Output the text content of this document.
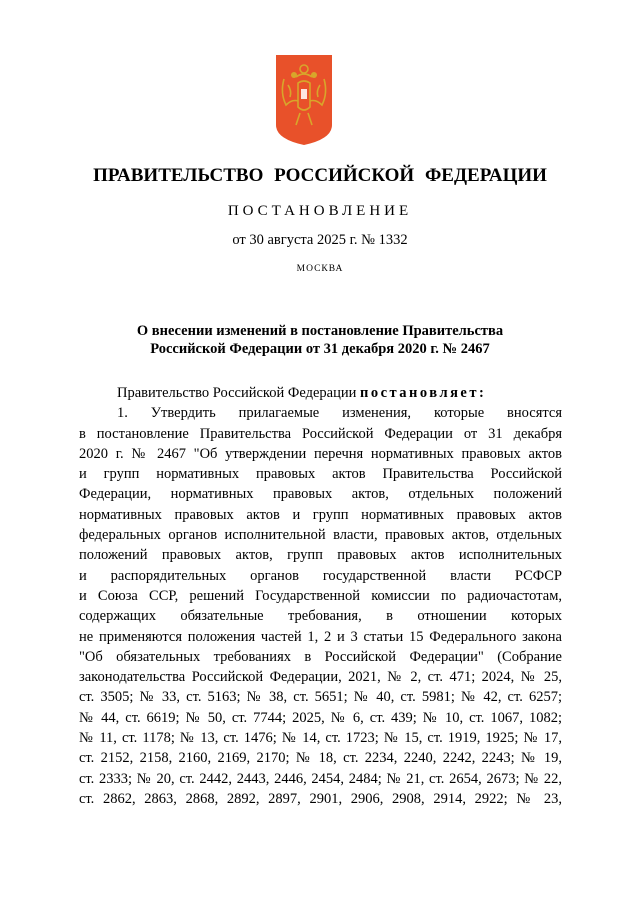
ПРАВИТЕЛЬСТВО РОССИЙСКОЙ ФЕДЕРАЦИИ
ПОСТАНОВЛЕНИЕ
от 30 августа 2025 г. № 1332
МОСКВА
О внесении изменений в постановление Правительства
Российской Федерации от 31 декабря 2020 г. № 2467
Правительство Российской Федерации постановляет:
1. Утвердить прилагаемые изменения, которые вносятся
в постановление Правительства Российской Федерации от 31 декабря
2020 г. № 2467 "Об утверждении перечня нормативных правовых актов
и групп нормативных правовых актов Правительства Российской
Федерации, нормативных правовых актов, отдельных положений
нормативных правовых актов и групп нормативных правовых актов
федеральных органов исполнительной власти, правовых актов, отдельных
положений правовых актов, групп правовых актов исполнительных
и распорядительных органов государственной власти РСФСР
и Союза ССР, решений Государственной комиссии по радиочастотам,
содержащих обязательные требования, в отношении которых
не применяются положения частей 1, 2 и 3 статьи 15 Федерального закона
"Об обязательных требованиях в Российской Федерации" (Собрание
законодательства Российской Федерации, 2021, № 2, ст. 471; 2024, № 25,
ст. 3505; № 33, ст. 5163; № 38, ст. 5651; № 40, ст. 5981; № 42, ст. 6257;
№ 44, ст. 6619; № 50, ст. 7744; 2025, № 6, ст. 439; № 10, ст. 1067, 1082;
№ 11, ст. 1178; № 13, ст. 1476; № 14, ст. 1723; № 15, ст. 1919, 1925; № 17,
ст. 2152, 2158, 2160, 2169, 2170; № 18, ст. 2234, 2240, 2242, 2243; № 19,
ст. 2333; № 20, ст. 2442, 2443, 2446, 2454, 2484; № 21, ст. 2654, 2673; № 22,
ст. 2862, 2863, 2868, 2892, 2897, 2901, 2906, 2908, 2914, 2922; № 23,
